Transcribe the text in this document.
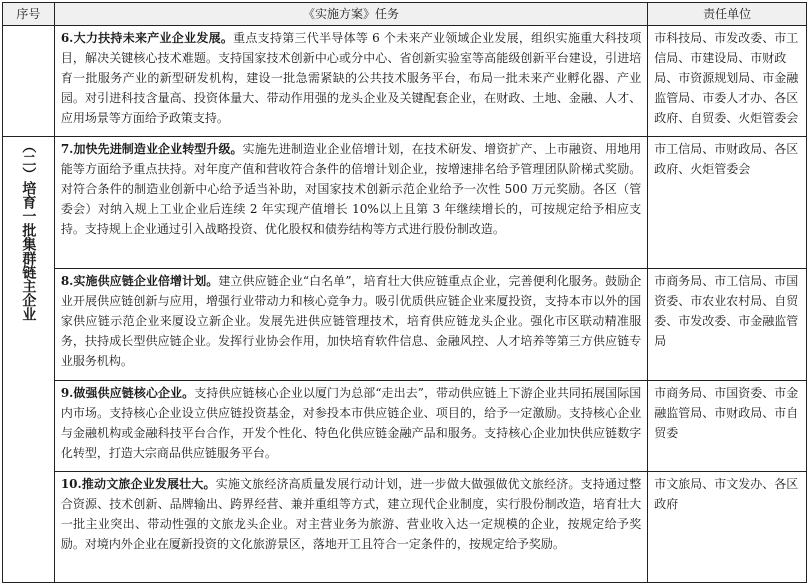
序号	《实施方案》任务	责任单位
	6.大力扶持未来产业企业发展。重点支持第三代半导体等 6 个未来产业领域企业发展，组织实施重大科技项目，解决关键核心技术难题。支持国家技术创新中心或分中心、省创新实验室等高能级创新平台建设，引进培育一批服务产业的新型研发机构，建设一批急需紧缺的公共技术服务平台，布局一批未来产业孵化器、产业园。对引进科技含量高、投资体量大、带动作用强的龙头企业及关键配套企业，在财政、土地、金融、人才、应用场景等方面给予政策支持。	市科技局、市发改委、市工信局、市建设局、市财政局、市资源规划局、市金融监管局、市委人才办、各区政府、自贸委、火炬管委会
（二）培育一批集群链主企业	7.加快先进制造业企业转型升级。实施先进制造业企业倍增计划，在技术研发、增资扩产、上市融资、用地用能等方面给予重点扶持。对年度产值和营收符合条件的倍增计划企业，按增速排名给予管理团队阶梯式奖励。对符合条件的制造业创新中心给予适当补助，对国家技术创新示范企业给予一次性 500 万元奖励。各区（管委会）对纳入规上工业企业后连续 2 年实现产值增长 10%以上且第 3 年继续增长的，可按规定给予相应支持。支持规上企业通过引入战略投资、优化股权和债券结构等方式进行股份制改造。	市工信局、市财政局、各区政府、火炬管委会
	8.实施供应链企业倍增计划。建立供应链企业“白名单”，培育壮大供应链重点企业，完善便利化服务。鼓励企业开展供应链创新与应用，增强行业带动力和核心竞争力。吸引优质供应链企业来厦投资，支持本市以外的国家供应链示范企业来厦设立新企业。发展先进供应链管理技术，培育供应链龙头企业。强化市区联动精准服务，扶持成长型供应链企业。发挥行业协会作用，加快培育软件信息、金融风控、人才培养等第三方供应链专业服务机构。	市商务局、市工信局、市国资委、市农业农村局、自贸委、市发改委、市金融监管局
	9.做强供应链核心企业。支持供应链核心企业以厦门为总部“走出去”，带动供应链上下游企业共同拓展国际国内市场。支持核心企业设立供应链投资基金，对参投本市供应链企业、项目的，给予一定激励。支持核心企业与金融机构或金融科技平台合作，开发个性化、特色化供应链金融产品和服务。支持核心企业加快供应链数字化转型，打造大宗商品供应链服务平台。	市商务局、市国资委、市金融监管局、市财政局、市自贸委
	10.推动文旅企业发展壮大。实施文旅经济高质量发展行动计划，进一步做大做强做优文旅经济。支持通过整合资源、技术创新、品牌输出、跨界经营、兼并重组等方式，建立现代企业制度，实行股份制改造，培育壮大一批主业突出、带动性强的文旅龙头企业。对主营业务为旅游、营业收入达一定规模的企业，按规定给予奖励。对境内外企业在厦新投资的文化旅游景区，落地开工且符合一定条件的，按规定给予奖励。	市文旅局、市文发办、各区政府
